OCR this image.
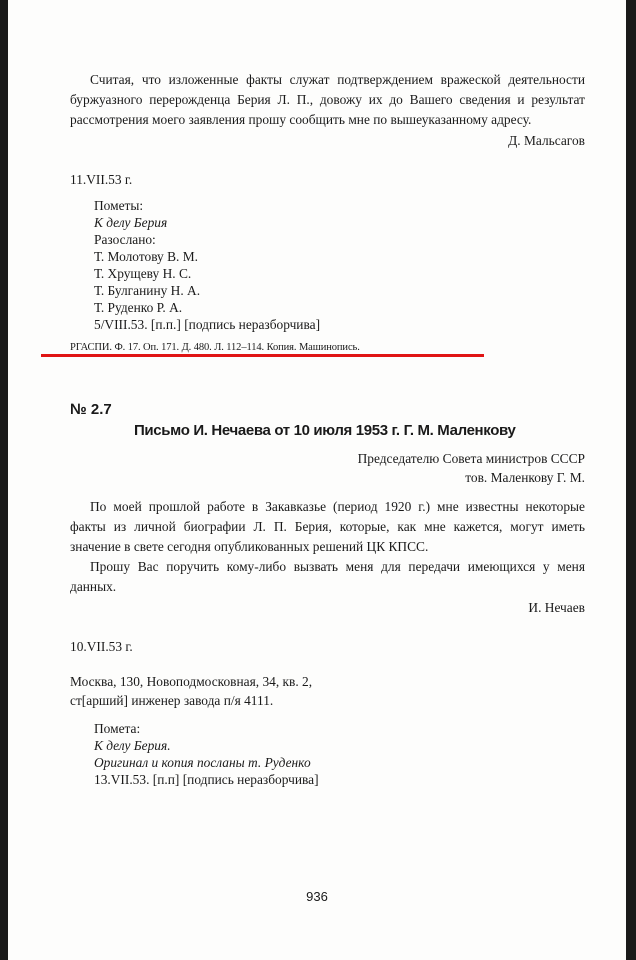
Считая, что изложенные факты служат подтверждением вражеской деятельности

буржуазного перерожденца Берия Л. П., довожу их до Вашего сведения и результат

рассмотрения моего заявления прошу сообщить мне по вышеуказанному адресу.

Д. Мальсагов

11.VII.53 г.

Пометы:

К делу Берия

Разослано:

Т. Молотову В. М.

Т. Хрущеву Н. С.

Т. Булганину Н. А.

Т. Руденко Р. А.

5/VIII.53. [п.п.] [подпись неразборчива]

РГАСПИ. Ф. 17. Оп. 171. Д. 480. Л. 112–114. Копия. Машинопись.

№ 2.7

Письмо И. Нечаева от 10 июля 1953 г. Г. М. Маленкову

Председателю Совета министров СССР

тов. Маленкову Г. М.

По моей прошлой работе в Закавказье (период 1920 г.) мне известны некоторые

факты из личной биографии Л. П. Берия, которые, как мне кажется, могут иметь

значение в свете сегодня опубликованных решений ЦК КПСС.

Прошу Вас поручить кому-либо вызвать меня для передачи имеющихся у меня

данных.

И. Нечаев

10.VII.53 г.

Москва, 130, Новоподмосковная, 34, кв. 2,

ст[арший] инженер завода п/я 4111.

Помета:

К делу Берия.

Оригинал и копия посланы т. Руденко

13.VII.53. [п.п] [подпись неразборчива]

936
